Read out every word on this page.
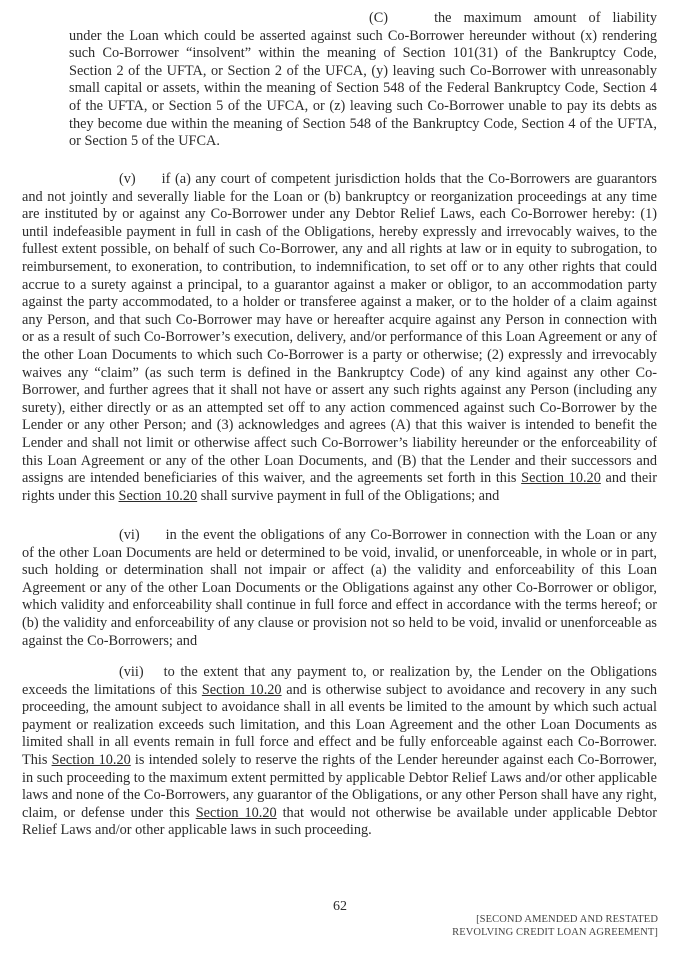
(C)	the maximum amount of liability under the Loan which could be asserted against such Co-Borrower hereunder without (x) rendering such Co-Borrower “insolvent” within the meaning of Section 101(31) of the Bankruptcy Code, Section 2 of the UFTA, or Section 2 of the UFCA, (y) leaving such Co-Borrower with unreasonably small capital or assets, within the meaning of Section 548 of the Federal Bankruptcy Code, Section 4 of the UFTA, or Section 5 of the UFCA, or (z) leaving such Co-Borrower unable to pay its debts as they become due within the meaning of Section 548 of the Bankruptcy Code, Section 4 of the UFTA, or Section 5 of the UFCA.

(v) if (a) any court of competent jurisdiction holds that the Co-Borrowers are guarantors and not jointly and severally liable for the Loan or (b) bankruptcy or reorganization proceedings at any time are instituted by or against any Co-Borrower under any Debtor Relief Laws, each Co-Borrower hereby: (1) until indefeasible payment in full in cash of the Obligations, hereby expressly and irrevocably waives, to the fullest extent possible, on behalf of such Co-Borrower, any and all rights at law or in equity to subrogation, to reimbursement, to exoneration, to contribution, to indemnification, to set off or to any other rights that could accrue to a surety against a principal, to a guarantor against a maker or obligor, to an accommodation party against the party accommodated, to a holder or transferee against a maker, or to the holder of a claim against any Person, and that such Co-Borrower may have or hereafter acquire against any Person in connection with or as a result of such Co-Borrower’s execution, delivery, and/or performance of this Loan Agreement or any of the other Loan Documents to which such Co-Borrower is a party or otherwise; (2) expressly and irrevocably waives any “claim” (as such term is defined in the Bankruptcy Code) of any kind against any other Co-Borrower, and further agrees that it shall not have or assert any such rights against any Person (including any surety), either directly or as an attempted set off to any action commenced against such Co-Borrower by the Lender or any other Person; and (3) acknowledges and agrees (A) that this waiver is intended to benefit the Lender and shall not limit or otherwise affect such Co-Borrower’s liability hereunder or the enforceability of this Loan Agreement or any of the other Loan Documents, and (B) that the Lender and their successors and assigns are intended beneficiaries of this waiver, and the agreements set forth in this Section 10.20 and their rights under this Section 10.20 shall survive payment in full of the Obligations; and

(vi) in the event the obligations of any Co-Borrower in connection with the Loan or any of the other Loan Documents are held or determined to be void, invalid, or unenforceable, in whole or in part, such holding or determination shall not impair or affect (a) the validity and enforceability of this Loan Agreement or any of the other Loan Documents or the Obligations against any other Co-Borrower or obligor, which validity and enforceability shall continue in full force and effect in accordance with the terms hereof; or (b) the validity and enforceability of any clause or provision not so held to be void, invalid or unenforceable as against the Co-Borrowers; and

(vii) to the extent that any payment to, or realization by, the Lender on the Obligations exceeds the limitations of this Section 10.20 and is otherwise subject to avoidance and recovery in any such proceeding, the amount subject to avoidance shall in all events be limited to the amount by which such actual payment or realization exceeds such limitation, and this Loan Agreement and the other Loan Documents as limited shall in all events remain in full force and effect and be fully enforceable against each Co-Borrower. This Section 10.20 is intended solely to reserve the rights of the Lender hereunder against each Co-Borrower, in such proceeding to the maximum extent permitted by applicable Debtor Relief Laws and/or other applicable laws and none of the Co-Borrowers, any guarantor of the Obligations, or any other Person shall have any right, claim, or defense under this Section 10.20 that would not otherwise be available under applicable Debtor Relief Laws and/or other applicable laws in such proceeding.

62
[SECOND AMENDED AND RESTATED
REVOLVING CREDIT LOAN AGREEMENT]
